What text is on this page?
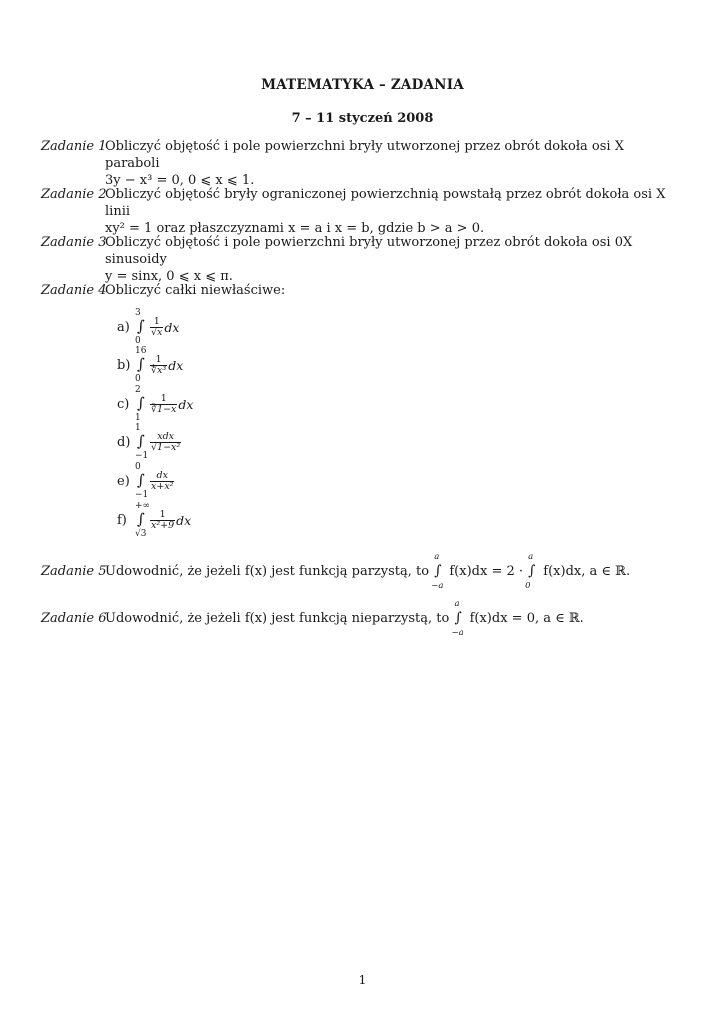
MATEMATYKA – ZADANIA
7 – 11 styczeń 2008
Zadanie 1
Obliczyć objętość i pole powierzchni bryły utworzonej przez obrót dokoła osi X paraboli
3y − x³ = 0, 0 ⩽ x ⩽ 1.
Zadanie 2
Obliczyć objętość bryły ograniczonej powierzchnią powstałą przez obrót dokoła osi X linii
xy² = 1 oraz płaszczyznami x = a i x = b, gdzie b > a > 0.
Zadanie 3
Obliczyć objętość i pole powierzchni bryły utworzonej przez obrót dokoła osi 0X sinusoidy
y = sinx, 0 ⩽ x ⩽ π.
Zadanie 4
Obliczyć całki niewłaściwe:
a)
3
∫
0
$\frac{1}{√x}$ dx
b)
16
∫
0
$\frac{1}{\text{∜x³}}$ dx
c)
2
∫
1
$\frac{1}{∛1-x}$ dx
d)
1
∫
−1
$\frac{\text{xdx}}{\text{√1−x²}}$
e)
0
∫
−1
$\frac{dx}{\text{x+x²}}$
f)
+∞
∫
√3
$\frac{1}{\text{x²+9}}$ dx
Zadanie 5
Udowodnić, że jeżeli f(x) jest funkcją parzystą, to
a
∫
−a
f(x)dx = 2 ·
a
∫
0
f(x)dx, a ∈ ℝ.
Zadanie 6
Udowodnić, że jeżeli f(x) jest funkcją nieparzystą, to
a
∫
−a
f(x)dx = 0, a ∈ ℝ.
1
